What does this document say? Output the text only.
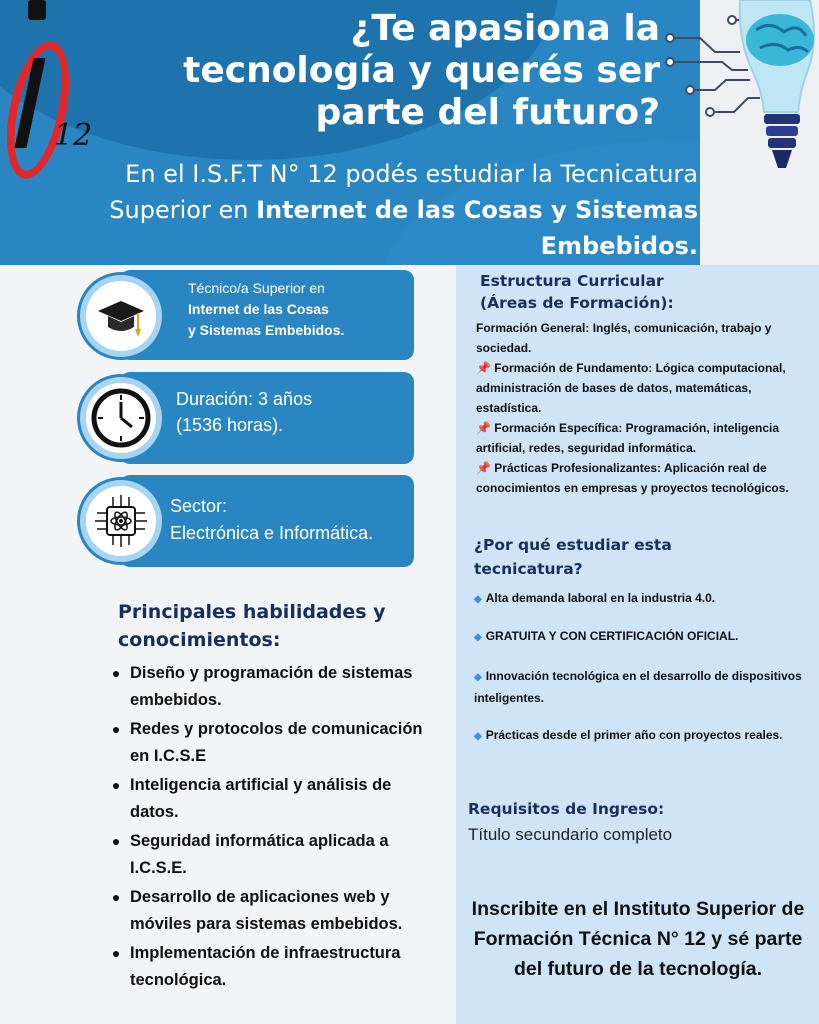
12
¿Te apasiona la
tecnología y querés ser
parte del futuro?

En el I.S.F.T N° 12 podés estudiar la Tecnicatura Superior en Internet de las Cosas y Sistemas Embebidos.

Técnico/a Superior en
Internet de las Cosas
y Sistemas Embebidos.
Duración: 3 años
(1536 horas).
Sector:
Electrónica e Informática.
Principales habilidades y
conocimientos:
Diseño y programación de sistemas embebidos.
Redes y protocolos de comunicación en I.C.S.E
Inteligencia artificial y análisis de datos.
Seguridad informática aplicada a I.C.S.E.
Desarrollo de aplicaciones web y móviles para sistemas embebidos.
Implementación de infraestructura tecnológica.
Estructura Curricular
(Áreas de Formación):

Formación General: Inglés, comunicación, trabajo y sociedad.

📌 Formación de Fundamento: Lógica computacional, administración de bases de datos, matemáticas, estadística.

📌 Formación Específica: Programación, inteligencia artificial, redes, seguridad informática.

📌 Prácticas Profesionalizantes: Aplicación real de conocimientos en empresas y proyectos tecnológicos.

¿Por qué estudiar esta
tecnicatura?

◆ Alta demanda laboral en la industria 4.0.

◆ GRATUITA Y CON CERTIFICACIÓN OFICIAL.

◆ Innovación tecnológica en el desarrollo de dispositivos inteligentes.

◆ Prácticas desde el primer año con proyectos reales.

Requisitos de Ingreso:

Título secundario completo

Inscribite en el Instituto Superior de Formación Técnica N° 12 y sé parte del futuro de la tecnología.
